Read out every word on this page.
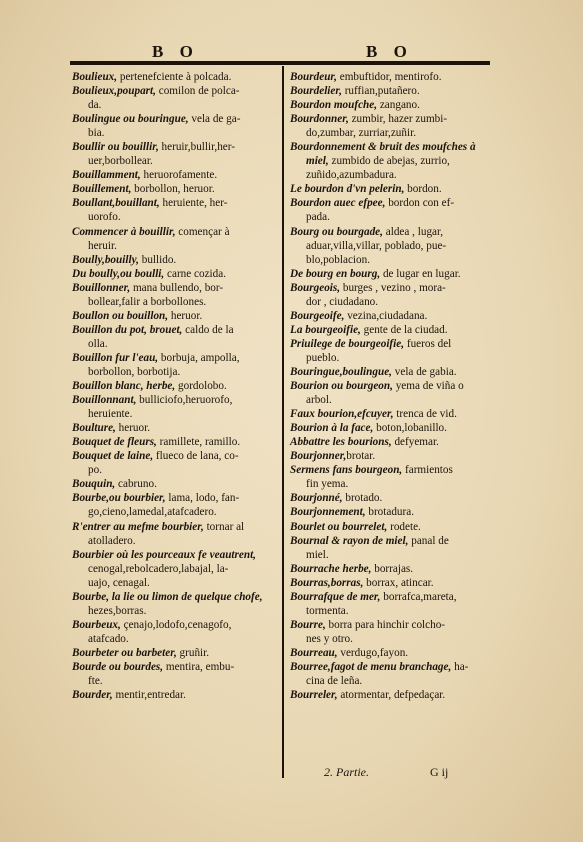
B O	B O
Boulieux, pertenefciente à polcada.
Boulieux,poupart, comilon de polca-
da.
Boulingue ou bouringue, vela de ga-
bia.
Boullir ou bouillir, heruir,bullir,her-
uer,borbollear.
Bouillamment, heruorofamente.
Bouillement, borbollon, heruor.
Boullant,bouillant, heruiente, her-
uorofo.
Commencer à bouillir, començar à
heruir.
Boully,bouilly, bullido.
Du boully,ou boulli, carne cozida.
Bouillonner, mana bullendo, bor-
bollear,falir a borbollones.
Boullon ou bouillon, heruor.
Bouillon du pot, brouet, caldo de la
olla.
Bouillon fur l'eau, borbuja, ampolla,
borbollon, borbotija.
Bouillon blanc, herbe, gordolobo.
Bouillonnant, bulliciofo,heruorofo,
heruiente.
Boulture, heruor.
Bouquet de fleurs, ramillete, ramillo.
Bouquet de laine, flueco de lana, co-
po.
Bouquin, cabruno.
Bourbe,ou bourbier, lama, lodo, fan-
go,cieno,lamedal,atafcadero.
R'entrer au mefme bourbier, tornar al
atolladero.
Bourbier où les pourceaux fe veautrent,
cenogal,rebolcadero,labajal, la-
uajo, cenagal.
Bourbe, la lie ou limon de quelque chofe,
hezes,borras.
Bourbeux, çenajo,lodofo,cenagofo,
atafcado.
Bourbeter ou barbeter, gruñir.
Bourde ou bourdes, mentira, embu-
fte.
Bourder, mentir,entredar.
Bourdeur, embuftidor, mentirofo.
Bourdelier, ruffian,putañero.
Bourdon moufche, zangano.
Bourdonner, zumbir, hazer zumbi-
do,zumbar, zurriar,zuñir.
Bourdonnement & bruit des moufches à
miel, zumbido de abejas, zurrio,
zuñido,azumbadura.
Le bourdon d'vn pelerin, bordon.
Bourdon auec efpee, bordon con ef-
pada.
Bourg ou bourgade, aldea , lugar,
aduar,villa,villar, poblado, pue-
blo,poblacion.
De bourg en bourg, de lugar en lugar.
Bourgeois, burges , vezino , mora-
dor , ciudadano.
Bourgeoife, vezina,ciudadana.
La bourgeoifie, gente de la ciudad.
Priuilege de bourgeoifie, fueros del
pueblo.
Bouringue,boulingue, vela de gabia.
Bourion ou bourgeon, yema de viña o
arbol.
Faux bourion,efcuyer, trenca de vid.
Bourion à la face, boton,lobanillo.
Abbattre les bourions, defyemar.
Bourjonner,brotar.
Sermens fans bourgeon, farmientos
fin yema.
Bourjonné, brotado.
Bourjonnement, brotadura.
Bourlet ou bourrelet, rodete.
Bournal & rayon de miel, panal de
miel.
Bourrache herbe, borrajas.
Bourras,borras, borrax, atincar.
Bourrafque de mer, borrafca,mareta,
tormenta.
Bourre, borra para hinchir colcho-
nes y otro.
Bourreau, verdugo,fayon.
Bourree,fagot de menu branchage, ha-
cina de leña.
Bourreler, atormentar, defpedaçar.
2. Partie.	G ij
